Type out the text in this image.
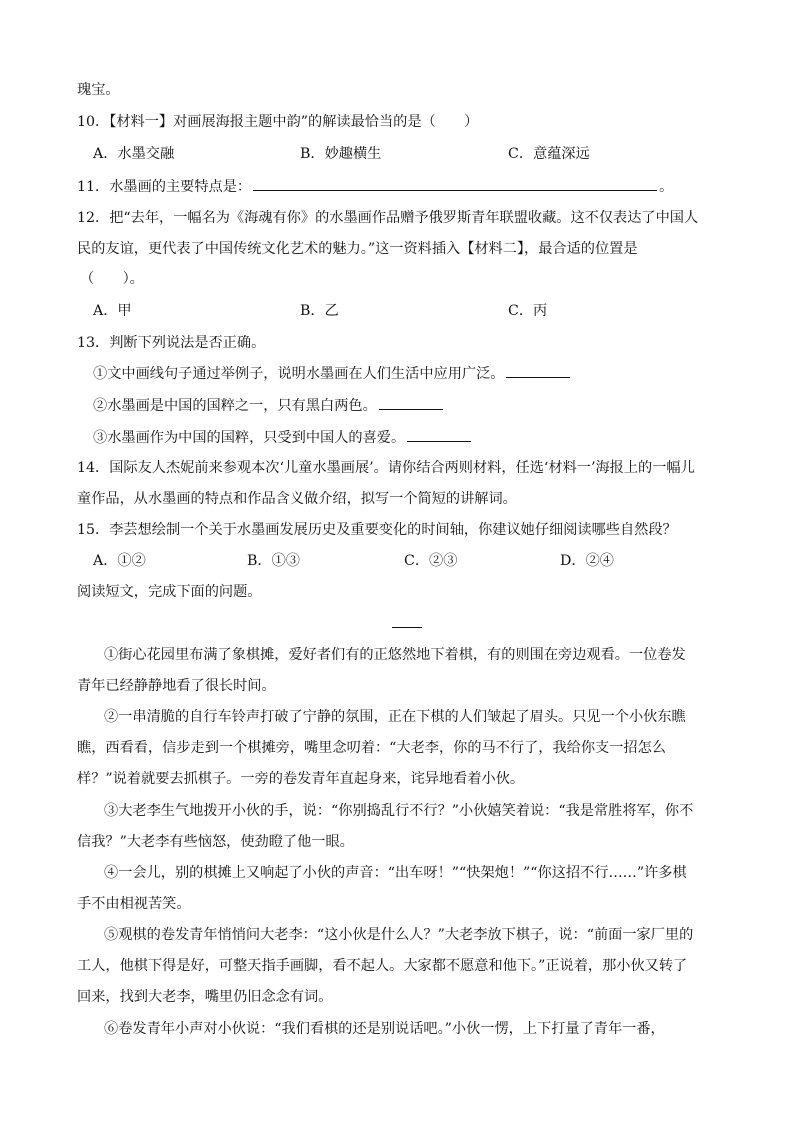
瑰宝。
10．【材料一】对画展海报主题中韵”的解读最恰当的是（　　）
A．水墨交融	B．妙趣横生	C．意蕴深远
11．水墨画的主要特点是：	。
12．把“去年，一幅名为《海魂有你》的水墨画作品赠予俄罗斯青年联盟收藏。这不仅表达了中国人
民的友谊，更代表了中国传统文化艺术的魅力。”这一资料插入【材料二】，最合适的位置是
（　　）。
A．甲	B．乙	C．丙
13．判断下列说法是否正确。
①文中画线句子通过举例子，说明水墨画在人们生活中应用广泛。
②水墨画是中国的国粹之一，只有黑白两色。
③水墨画作为中国的国粹，只受到中国人的喜爱。
14．国际友人杰妮前来参观本次‘儿童水墨画展’。请你结合两则材料，任选‘材料一’海报上的一幅儿
童作品，从水墨画的特点和作品含义做介绍，拟写一个简短的讲解词。
15．李芸想绘制一个关于水墨画发展历史及重要变化的时间轴，你建议她仔细阅读哪些自然段？
A．①②	B．①③	C．②③	D．②④
阅读短文，完成下面的问题。
①街心花园里布满了象棋摊，爱好者们有的正悠然地下着棋，有的则围在旁边观看。一位卷发
青年已经静静地看了很长时间。
②一串清脆的自行车铃声打破了宁静的氛围，正在下棋的人们皱起了眉头。只见一个小伙东瞧
瞧，西看看，信步走到一个棋摊旁，嘴里念叨着：“大老李，你的马不行了，我给你支一招怎么
样？”说着就要去抓棋子。一旁的卷发青年直起身来，诧异地看着小伙。
③大老李生气地拨开小伙的手，说：“你别捣乱行不行？”小伙嬉笑着说：“我是常胜将军，你不
信我？”大老李有些恼怒，使劲瞪了他一眼。
④一会儿，别的棋摊上又响起了小伙的声音：“出车呀！”“快架炮！”“你这招不行……”许多棋
手不由相视苦笑。
⑤观棋的卷发青年悄悄问大老李：“这小伙是什么人？”大老李放下棋子，说：“前面一家厂里的
工人，他棋下得是好，可整天指手画脚，看不起人。大家都不愿意和他下。”正说着，那小伙又转了
回来，找到大老李，嘴里仍旧念念有词。
⑥卷发青年小声对小伙说：“我们看棋的还是别说话吧。”小伙一愣，上下打量了青年一番，
